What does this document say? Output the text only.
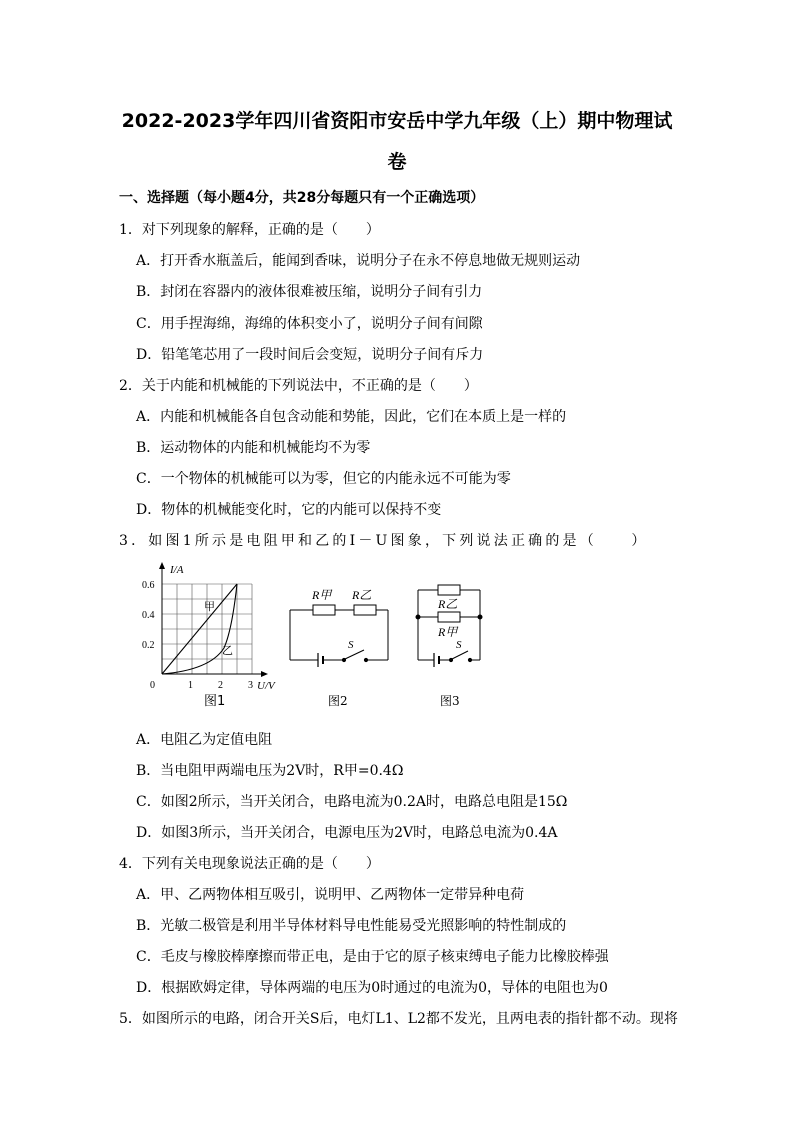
2022-2023学年四川省资阳市安岳中学九年级（上）期中物理试
卷
一、选择题（每小题4分，共28分每题只有一个正确选项）
1．对下列现象的解释，正确的是（　　）
A．打开香水瓶盖后，能闻到香味，说明分子在永不停息地做无规则运动
B．封闭在容器内的液体很难被压缩，说明分子间有引力
C．用手捏海绵，海绵的体积变小了，说明分子间有间隙
D．铅笔笔芯用了一段时间后会变短，说明分子间有斥力
2．关于内能和机械能的下列说法中，不正确的是（　　）
A．内能和机械能各自包含动能和势能，因此，它们在本质上是一样的
B．运动物体的内能和机械能均不为零
C．一个物体的机械能可以为零，但它的内能永远不可能为零
D．物体的机械能变化时，它的内能可以保持不变
3．如图1所示是电阻甲和乙的I－U图象，下列说法正确的是（　　）
I/A
0.6
0.4
0.2
0	1	2	3 U/V
甲
乙
图1
R甲 R乙
S
图2
R乙
R甲
S
图3
A．电阻乙为定值电阻
B．当电阻甲两端电压为2V时，R甲=0.4Ω
C．如图2所示，当开关闭合，电路电流为0.2A时，电路总电阻是15Ω
D．如图3所示，当开关闭合，电源电压为2V时，电路总电流为0.4A
4．下列有关电现象说法正确的是（　　）
A．甲、乙两物体相互吸引，说明甲、乙两物体一定带异种电荷
B．光敏二极管是利用半导体材料导电性能易受光照影响的特性制成的
C．毛皮与橡胶棒摩擦而带正电，是由于它的原子核束缚电子能力比橡胶棒强
D．根据欧姆定律，导体两端的电压为0时通过的电流为0，导体的电阻也为0
5．如图所示的电路，闭合开关S后，电灯L1、L2都不发光，且两电表的指针都不动。现将
